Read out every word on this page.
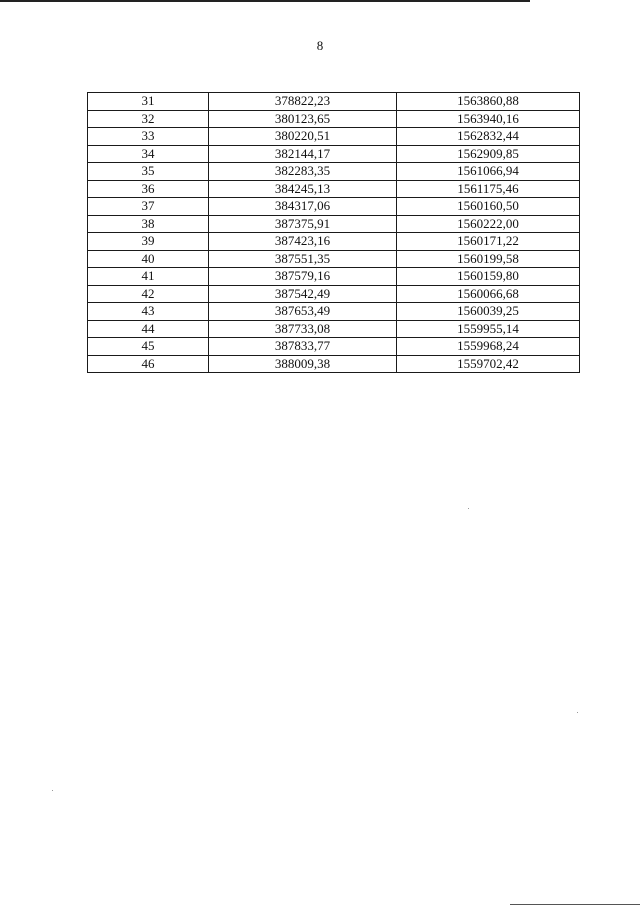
8
31	378822,23	1563860,88
32	380123,65	1563940,16
33	380220,51	1562832,44
34	382144,17	1562909,85
35	382283,35	1561066,94
36	384245,13	1561175,46
37	384317,06	1560160,50
38	387375,91	1560222,00
39	387423,16	1560171,22
40	387551,35	1560199,58
41	387579,16	1560159,80
42	387542,49	1560066,68
43	387653,49	1560039,25
44	387733,08	1559955,14
45	387833,77	1559968,24
46	388009,38	1559702,42
